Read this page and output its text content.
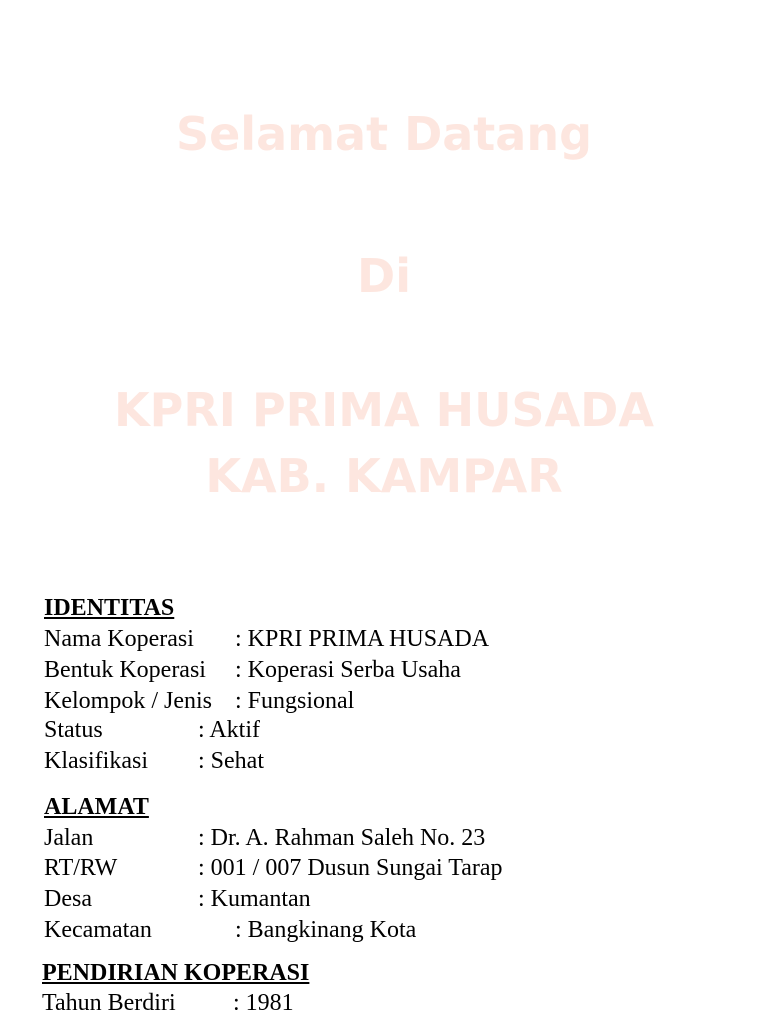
Selamat Datang
Di
KPRI PRIMA HUSADA
KAB. KAMPAR
IDENTITAS
Nama Koperasi : KPRI PRIMA HUSADA
Bentuk Koperasi : Koperasi Serba Usaha
Kelompok / Jenis : Fungsional
Status	: Aktif
Klasifikasi : Sehat
ALAMAT
Jalan	: Dr. A. Rahman Saleh No. 23
RT/RW	: 001 / 007 Dusun Sungai Tarap
Desa	: Kumantan
Kecamatan	: Bangkinang Kota
PENDIRIAN KOPERASI
Tahun Berdiri : 1981
